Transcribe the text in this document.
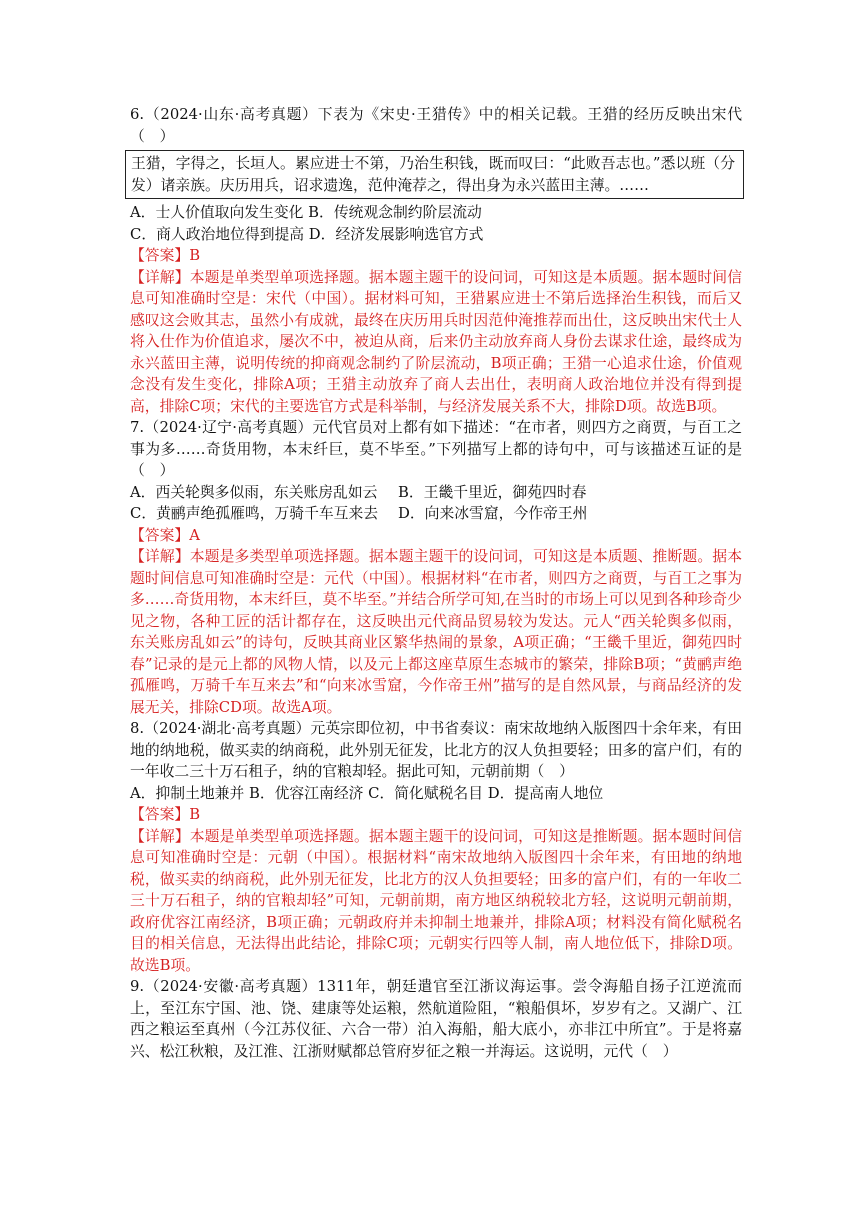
6.（2024·山东·高考真题）下表为《宋史·王猎传》中的相关记载。王猎的经历反映出宋代（　）

王猎，字得之，长垣人。累应进士不第，乃治生积钱，既而叹曰：“此败吾志也。”悉以班（分发）诸亲族。庆历用兵，诏求遗逸，范仲淹荐之，得出身为永兴蓝田主薄。……

A．士人价值取向发生变化 B．传统观念制约阶层流动

C．商人政治地位得到提高 D．经济发展影响选官方式

【答案】B

【详解】本题是单类型单项选择题。据本题主题干的设问词，可知这是本质题。据本题时间信息可知准确时空是：宋代（中国）。据材料可知，王猎累应进士不第后选择治生积钱，而后又感叹这会败其志，虽然小有成就，最终在庆历用兵时因范仲淹推荐而出仕，这反映出宋代士人将入仕作为价值追求，屡次不中，被迫从商，后来仍主动放弃商人身份去谋求仕途，最终成为永兴蓝田主薄，说明传统的抑商观念制约了阶层流动，B项正确；王猎一心追求仕途，价值观念没有发生变化，排除A项；王猎主动放弃了商人去出仕，表明商人政治地位并没有得到提高，排除C项；宋代的主要选官方式是科举制，与经济发展关系不大，排除D项。故选B项。

7.（2024·辽宁·高考真题）元代官员对上都有如下描述：“在市者，则四方之商贾，与百工之事为多……奇货用物，本末纤巨，莫不毕至。”下列描写上都的诗句中，可与该描述互证的是（　）

A．西关轮舆多似雨，东关账房乱如云	B．王畿千里近，御苑四时春
C．黄鹂声绝孤雁鸣，万骑千车互来去	D．向来冰雪窟，今作帝王州

【答案】A

【详解】本题是多类型单项选择题。据本题主题干的设问词，可知这是本质题、推断题。据本题时间信息可知准确时空是：元代（中国）。根据材料“在市者，则四方之商贾，与百工之事为多……奇货用物，本末纤巨，莫不毕至。”并结合所学可知,在当时的市场上可以见到各种珍奇少见之物，各种工匠的活计都存在，这反映出元代商品贸易较为发达。元人“西关轮舆多似雨，东关账房乱如云”的诗句，反映其商业区繁华热闹的景象，A项正确；“王畿千里近，御苑四时春”记录的是元上都的风物人情，以及元上都这座草原生态城市的繁荣，排除B项；“黄鹂声绝孤雁鸣，万骑千车互来去”和“向来冰雪窟，今作帝王州”描写的是自然风景，与商品经济的发展无关，排除CD项。故选A项。

8.（2024·湖北·高考真题）元英宗即位初，中书省奏议：南宋故地纳入版图四十余年来，有田地的纳地税，做买卖的纳商税，此外别无征发，比北方的汉人负担要轻；田多的富户们，有的一年收二三十万石租子，纳的官粮却轻。据此可知，元朝前期（　）

A．抑制土地兼并 B．优容江南经济 C．简化赋税名目 D．提高南人地位

【答案】B

【详解】本题是单类型单项选择题。据本题主题干的设问词，可知这是推断题。据本题时间信息可知准确时空是：元朝（中国）。根据材料“南宋故地纳入版图四十余年来，有田地的纳地税，做买卖的纳商税，此外别无征发，比北方的汉人负担要轻；田多的富户们，有的一年收二三十万石租子，纳的官粮却轻”可知，元朝前期，南方地区纳税较北方轻，这说明元朝前期，政府优容江南经济，B项正确；元朝政府并未抑制土地兼并，排除A项；材料没有简化赋税名目的相关信息，无法得出此结论，排除C项；元朝实行四等人制，南人地位低下，排除D项。故选B项。

9.（2024·安徽·高考真题）1311年，朝廷遣官至江浙议海运事。尝令海船自扬子江逆流而上，至江东宁国、池、饶、建康等处运粮，然航道险阻，“粮船俱坏，岁岁有之。又湖广、江西之粮运至真州（今江苏仪征、六合一带）泊入海船，船大底小，亦非江中所宜”。于是将嘉兴、松江秋粮，及江淮、江浙财赋都总管府岁征之粮一并海运。这说明，元代（　）
